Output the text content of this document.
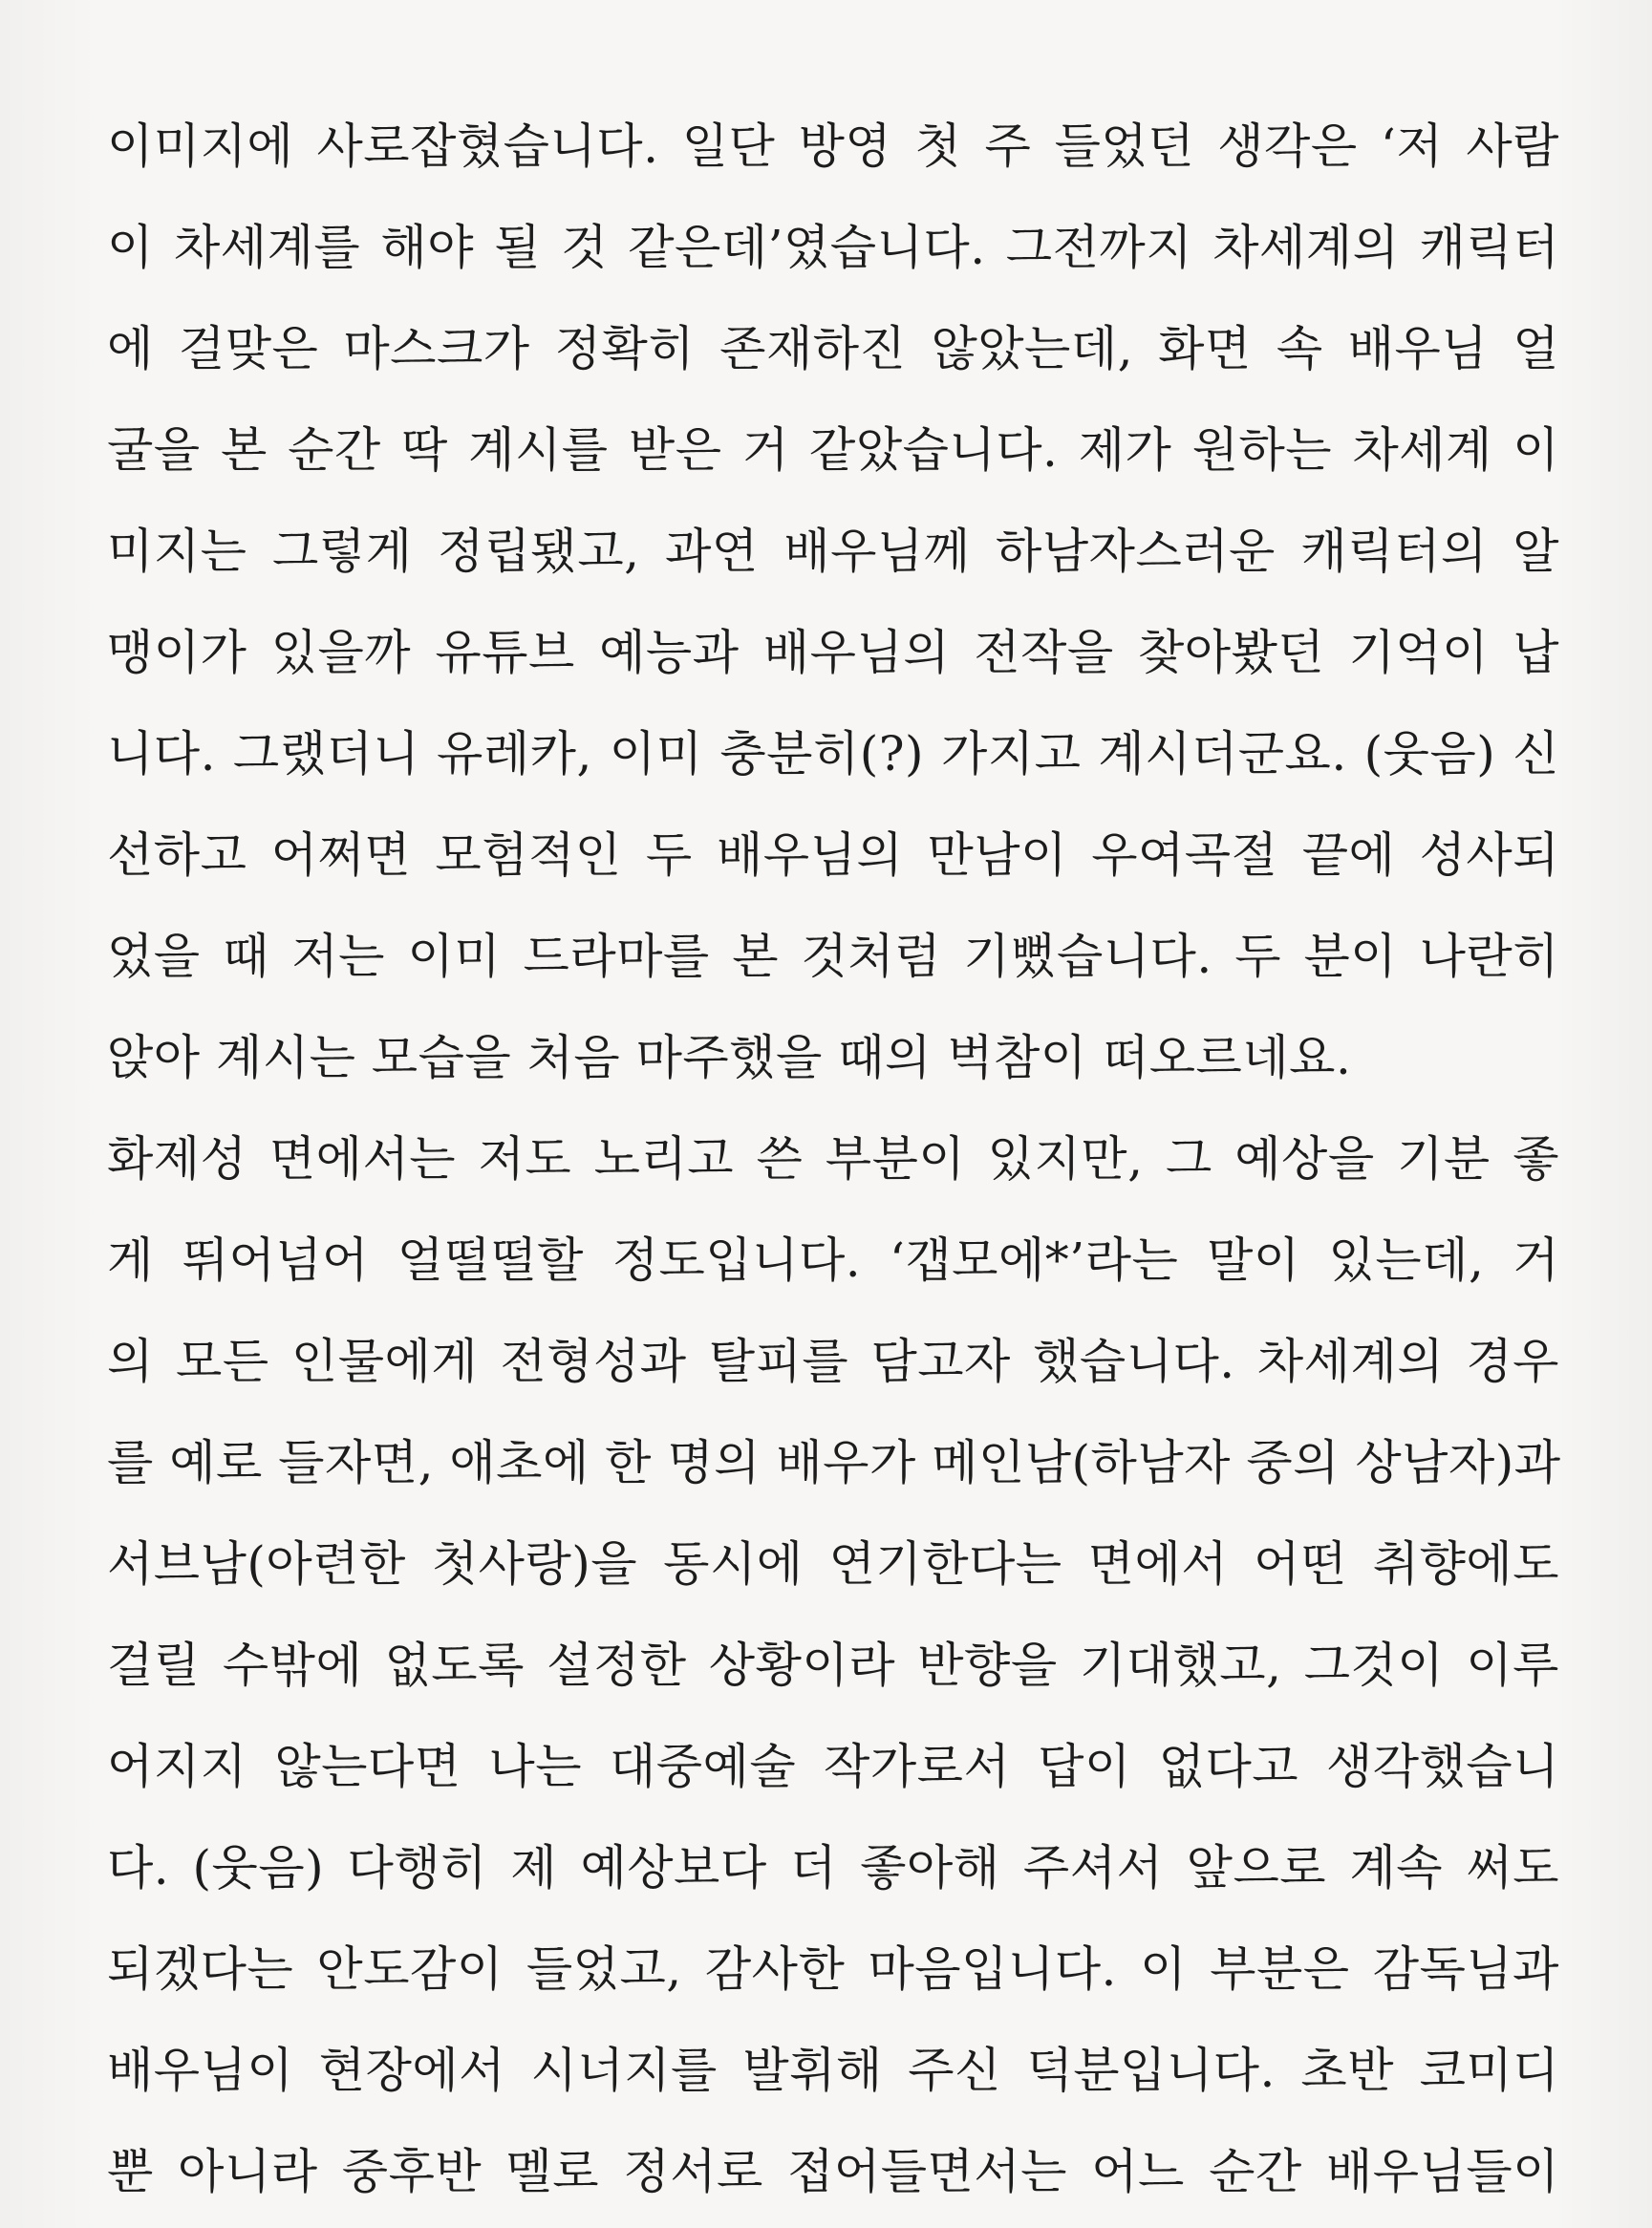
이미지에 사로잡혔습니다. 일단 방영 첫 주 들었던 생각은 ‘저 사람
이 차세계를 해야 될 것 같은데’였습니다. 그전까지 차세계의 캐릭터
에 걸맞은 마스크가 정확히 존재하진 않았는데, 화면 속 배우님 얼
굴을 본 순간 딱 계시를 받은 거 같았습니다. 제가 원하는 차세계 이
미지는 그렇게 정립됐고, 과연 배우님께 하남자스러운 캐릭터의 알
맹이가 있을까 유튜브 예능과 배우님의 전작을 찾아봤던 기억이 납
니다. 그랬더니 유레카, 이미 충분히(?) 가지고 계시더군요. (웃음) 신
선하고 어쩌면 모험적인 두 배우님의 만남이 우여곡절 끝에 성사되
었을 때 저는 이미 드라마를 본 것처럼 기뻤습니다. 두 분이 나란히
앉아 계시는 모습을 처음 마주했을 때의 벅참이 떠오르네요.
화제성 면에서는 저도 노리고 쓴 부분이 있지만, 그 예상을 기분 좋
게 뛰어넘어 얼떨떨할 정도입니다. ‘갭모에*’라는 말이 있는데, 거
의 모든 인물에게 전형성과 탈피를 담고자 했습니다. 차세계의 경우
를 예로 들자면, 애초에 한 명의 배우가 메인남(하남자 중의 상남자)과
서브남(아련한 첫사랑)을 동시에 연기한다는 면에서 어떤 취향에도
걸릴 수밖에 없도록 설정한 상황이라 반향을 기대했고, 그것이 이루
어지지 않는다면 나는 대중예술 작가로서 답이 없다고 생각했습니
다. (웃음) 다행히 제 예상보다 더 좋아해 주셔서 앞으로 계속 써도
되겠다는 안도감이 들었고, 감사한 마음입니다. 이 부분은 감독님과
배우님이 현장에서 시너지를 발휘해 주신 덕분입니다. 초반 코미디
뿐 아니라 중후반 멜로 정서로 접어들면서는 어느 순간 배우님들이
